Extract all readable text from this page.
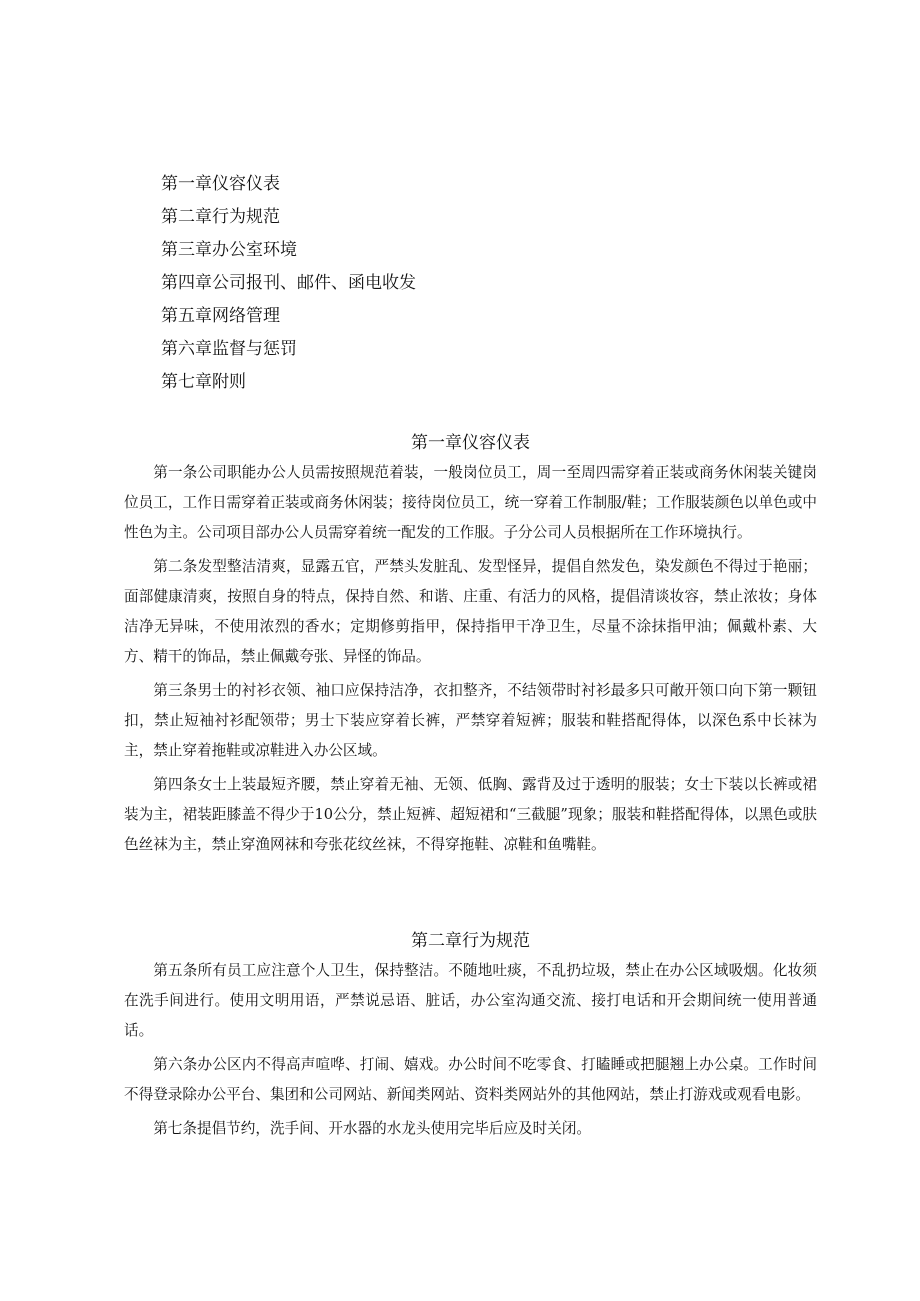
第一章仪容仪表
第二章行为规范
第三章办公室环境
第四章公司报刊、邮件、函电收发
第五章网络管理
第六章监督与惩罚
第七章附则
第一章仪容仪表

第一条公司职能办公人员需按照规范着装，一般岗位员工，周一至周四需穿着正装或商务休闲装关键岗位员工，工作日需穿着正装或商务休闲装；接待岗位员工，统一穿着工作制服/鞋；工作服装颜色以单色或中性色为主。公司项目部办公人员需穿着统一配发的工作服。子分公司人员根据所在工作环境执行。

第二条发型整洁清爽，显露五官，严禁头发脏乱、发型怪异，提倡自然发色，染发颜色不得过于艳丽；面部健康清爽，按照自身的特点，保持自然、和谐、庄重、有活力的风格，提倡清谈妆容，禁止浓妆；身体洁净无异味，不使用浓烈的香水；定期修剪指甲，保持指甲干净卫生，尽量不涂抹指甲油；佩戴朴素、大方、精干的饰品，禁止佩戴夸张、异怪的饰品。

第三条男士的衬衫衣领、袖口应保持洁净，衣扣整齐，不结领带时衬衫最多只可敞开领口向下第一颗钮扣，禁止短袖衬衫配领带；男士下装应穿着长裤，严禁穿着短裤；服装和鞋搭配得体，以深色系中长袜为主，禁止穿着拖鞋或凉鞋进入办公区域。

第四条女士上装最短齐腰，禁止穿着无袖、无领、低胸、露背及过于透明的服装；女士下装以长裤或裙装为主，裙装距膝盖不得少于10公分，禁止短裤、超短裙和“三截腿”现象；服装和鞋搭配得体，以黑色或肤色丝袜为主，禁止穿渔网袜和夸张花纹丝袜，不得穿拖鞋、凉鞋和鱼嘴鞋。

第二章行为规范

第五条所有员工应注意个人卫生，保持整洁。不随地吐痰，不乱扔垃圾，禁止在办公区域吸烟。化妆须在洗手间进行。使用文明用语，严禁说忌语、脏话，办公室沟通交流、接打电话和开会期间统一使用普通话。

第六条办公区内不得高声喧哗、打闹、嬉戏。办公时间不吃零食、打瞌睡或把腿翘上办公桌。工作时间不得登录除办公平台、集团和公司网站、新闻类网站、资料类网站外的其他网站，禁止打游戏或观看电影。

第七条提倡节约，洗手间、开水器的水龙头使用完毕后应及时关闭。
